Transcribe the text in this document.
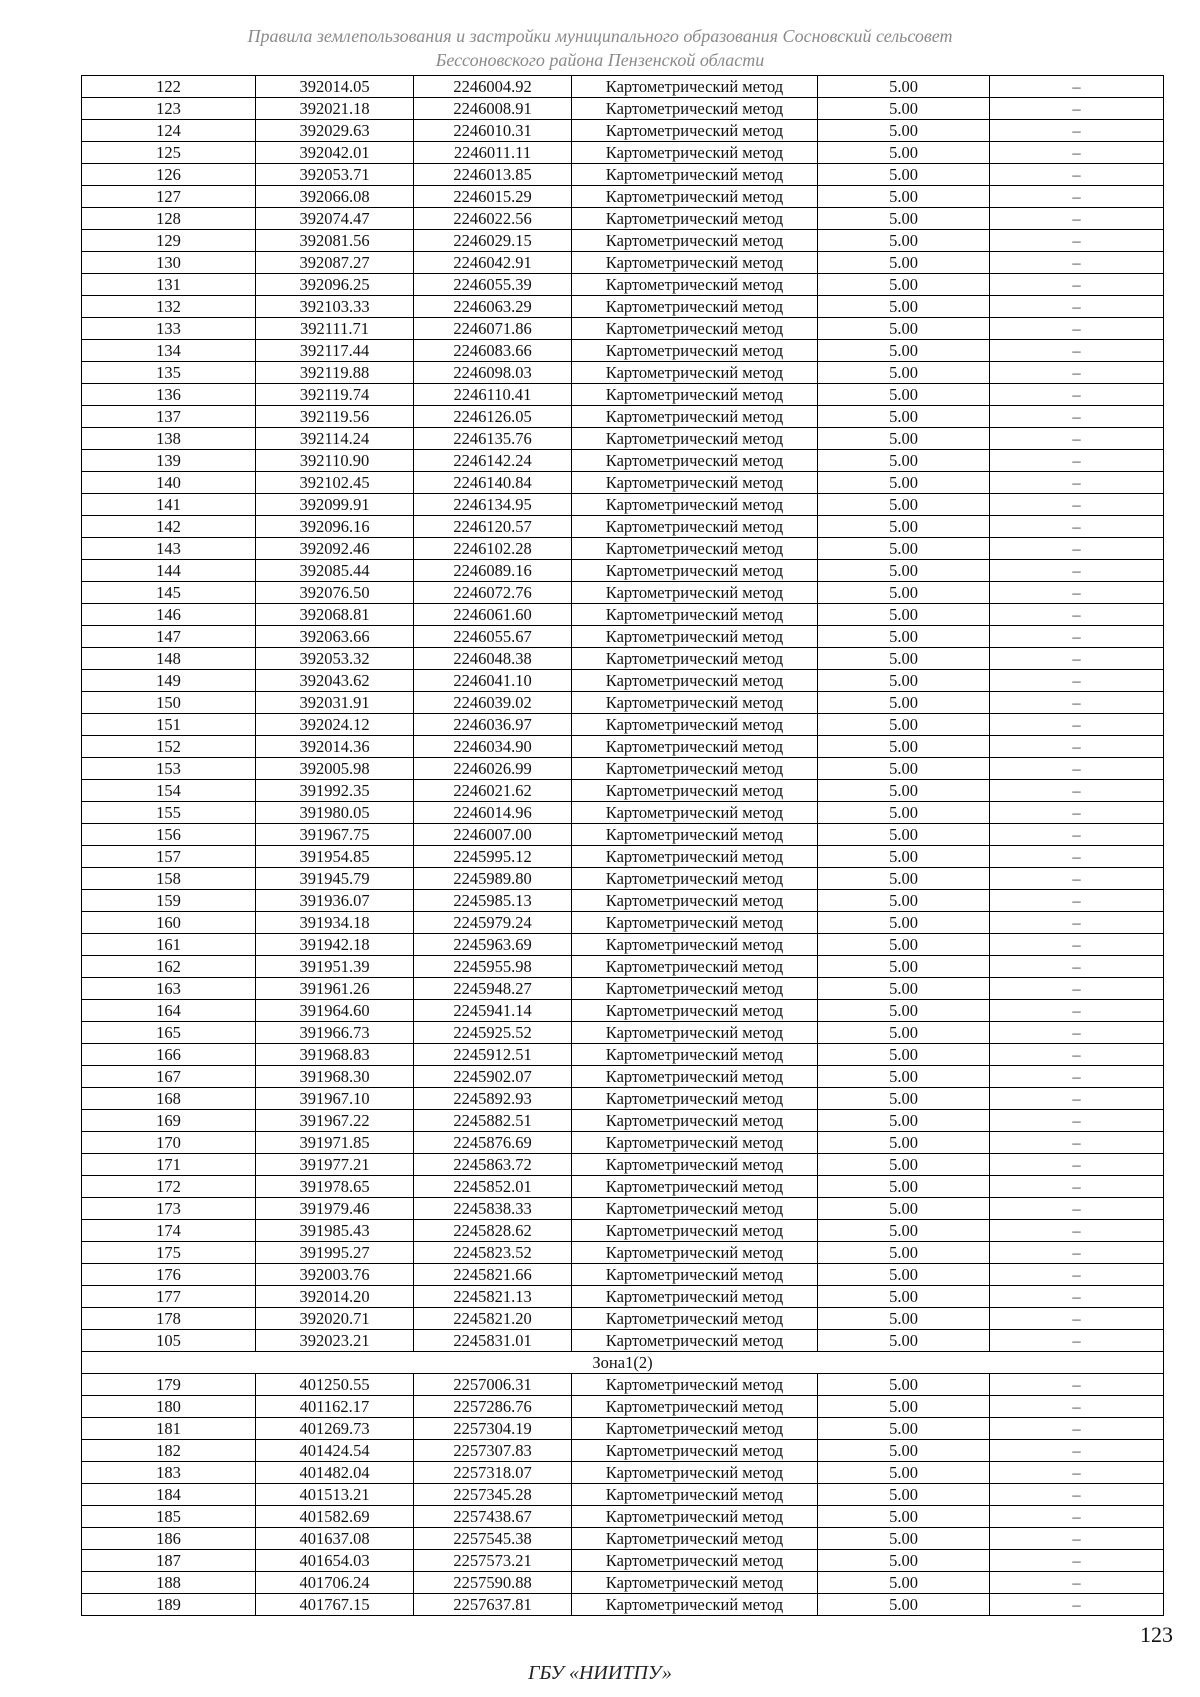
Правила землепользования и застройки муниципального образования Сосновский сельсовет
Бессоновского района Пензенской области
122	392014.05	2246004.92	Картометрический метод	5.00	–
123	392021.18	2246008.91	Картометрический метод	5.00	–
124	392029.63	2246010.31	Картометрический метод	5.00	–
125	392042.01	2246011.11	Картометрический метод	5.00	–
126	392053.71	2246013.85	Картометрический метод	5.00	–
127	392066.08	2246015.29	Картометрический метод	5.00	–
128	392074.47	2246022.56	Картометрический метод	5.00	–
129	392081.56	2246029.15	Картометрический метод	5.00	–
130	392087.27	2246042.91	Картометрический метод	5.00	–
131	392096.25	2246055.39	Картометрический метод	5.00	–
132	392103.33	2246063.29	Картометрический метод	5.00	–
133	392111.71	2246071.86	Картометрический метод	5.00	–
134	392117.44	2246083.66	Картометрический метод	5.00	–
135	392119.88	2246098.03	Картометрический метод	5.00	–
136	392119.74	2246110.41	Картометрический метод	5.00	–
137	392119.56	2246126.05	Картометрический метод	5.00	–
138	392114.24	2246135.76	Картометрический метод	5.00	–
139	392110.90	2246142.24	Картометрический метод	5.00	–
140	392102.45	2246140.84	Картометрический метод	5.00	–
141	392099.91	2246134.95	Картометрический метод	5.00	–
142	392096.16	2246120.57	Картометрический метод	5.00	–
143	392092.46	2246102.28	Картометрический метод	5.00	–
144	392085.44	2246089.16	Картометрический метод	5.00	–
145	392076.50	2246072.76	Картометрический метод	5.00	–
146	392068.81	2246061.60	Картометрический метод	5.00	–
147	392063.66	2246055.67	Картометрический метод	5.00	–
148	392053.32	2246048.38	Картометрический метод	5.00	–
149	392043.62	2246041.10	Картометрический метод	5.00	–
150	392031.91	2246039.02	Картометрический метод	5.00	–
151	392024.12	2246036.97	Картометрический метод	5.00	–
152	392014.36	2246034.90	Картометрический метод	5.00	–
153	392005.98	2246026.99	Картометрический метод	5.00	–
154	391992.35	2246021.62	Картометрический метод	5.00	–
155	391980.05	2246014.96	Картометрический метод	5.00	–
156	391967.75	2246007.00	Картометрический метод	5.00	–
157	391954.85	2245995.12	Картометрический метод	5.00	–
158	391945.79	2245989.80	Картометрический метод	5.00	–
159	391936.07	2245985.13	Картометрический метод	5.00	–
160	391934.18	2245979.24	Картометрический метод	5.00	–
161	391942.18	2245963.69	Картометрический метод	5.00	–
162	391951.39	2245955.98	Картометрический метод	5.00	–
163	391961.26	2245948.27	Картометрический метод	5.00	–
164	391964.60	2245941.14	Картометрический метод	5.00	–
165	391966.73	2245925.52	Картометрический метод	5.00	–
166	391968.83	2245912.51	Картометрический метод	5.00	–
167	391968.30	2245902.07	Картометрический метод	5.00	–
168	391967.10	2245892.93	Картометрический метод	5.00	–
169	391967.22	2245882.51	Картометрический метод	5.00	–
170	391971.85	2245876.69	Картометрический метод	5.00	–
171	391977.21	2245863.72	Картометрический метод	5.00	–
172	391978.65	2245852.01	Картометрический метод	5.00	–
173	391979.46	2245838.33	Картометрический метод	5.00	–
174	391985.43	2245828.62	Картометрический метод	5.00	–
175	391995.27	2245823.52	Картометрический метод	5.00	–
176	392003.76	2245821.66	Картометрический метод	5.00	–
177	392014.20	2245821.13	Картометрический метод	5.00	–
178	392020.71	2245821.20	Картометрический метод	5.00	–
105	392023.21	2245831.01	Картометрический метод	5.00	–
Зона1(2)					
179	401250.55	2257006.31	Картометрический метод	5.00	–
180	401162.17	2257286.76	Картометрический метод	5.00	–
181	401269.73	2257304.19	Картометрический метод	5.00	–
182	401424.54	2257307.83	Картометрический метод	5.00	–
183	401482.04	2257318.07	Картометрический метод	5.00	–
184	401513.21	2257345.28	Картометрический метод	5.00	–
185	401582.69	2257438.67	Картометрический метод	5.00	–
186	401637.08	2257545.38	Картометрический метод	5.00	–
187	401654.03	2257573.21	Картометрический метод	5.00	–
188	401706.24	2257590.88	Картометрический метод	5.00	–
189	401767.15	2257637.81	Картометрический метод	5.00	–
123
ГБУ «НИИТПУ»
